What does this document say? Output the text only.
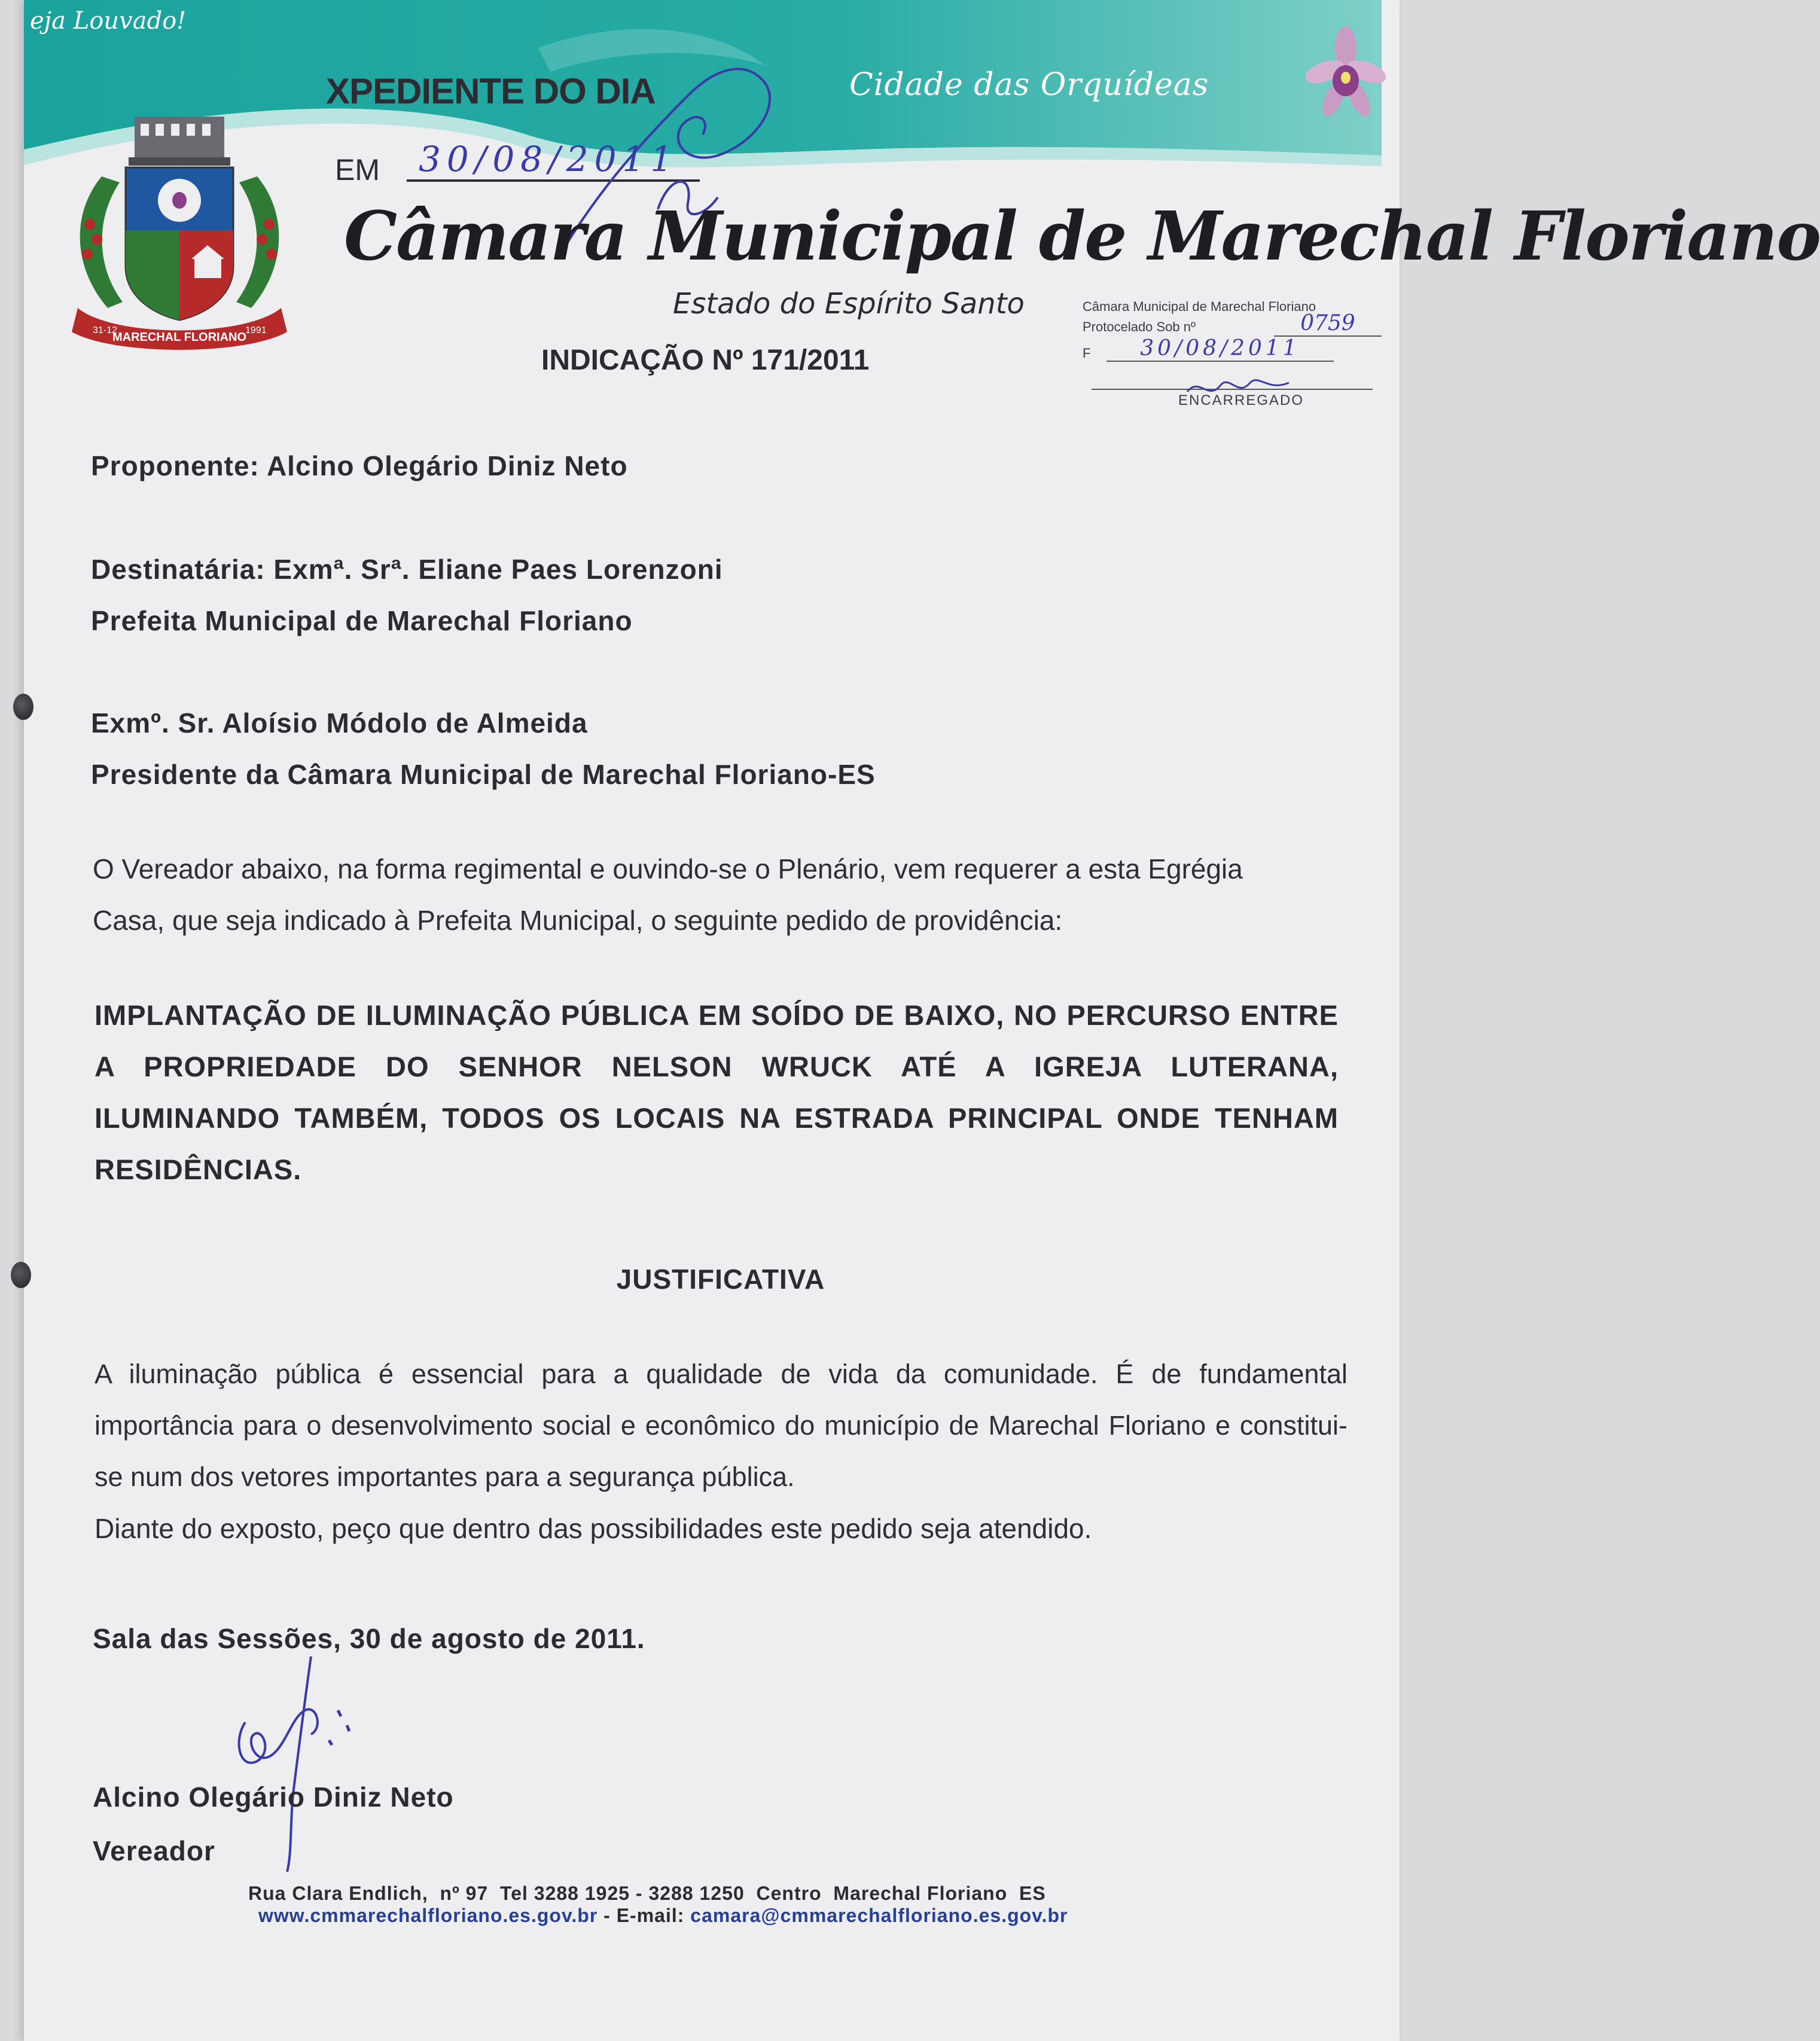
eja Louvado!
Cidade das Orquídeas
MARECHAL FLORIANO
31-12	1991
XPEDIENTE DO DIA
EM	30/08/2011
Câmara Municipal de Marechal Floriano
Estado do Espírito Santo	Câmara Municipal de Marechal Floriano
Protocelado Sob nº	0759
F	30/08/2011
ENCARREGADO
INDICAÇÃO Nº 171/2011
Proponente: Alcino Olegário Diniz Neto
Destinatária: Exmª. Srª. Eliane Paes Lorenzoni
Prefeita Municipal de Marechal Floriano
Exmº. Sr. Aloísio Módolo de Almeida
Presidente da Câmara Municipal de Marechal Floriano-ES
O Vereador abaixo, na forma regimental e ouvindo-se o Plenário, vem requerer a esta Egrégia
Casa, que seja indicado à Prefeita Municipal, o seguinte pedido de providência:
IMPLANTAÇÃO DE ILUMINAÇÃO PÚBLICA EM SOÍDO DE BAIXO, NO PERCURSO ENTRE A PROPRIEDADE DO SENHOR NELSON WRUCK ATÉ A IGREJA LUTERANA, ILUMINANDO TAMBÉM, TODOS OS LOCAIS NA ESTRADA PRINCIPAL ONDE TENHAM RESIDÊNCIAS.
JUSTIFICATIVA
A iluminação pública é essencial para a qualidade de vida da comunidade. É de fundamental importância para o desenvolvimento social e econômico do município de Marechal Floriano e constitui-se num dos vetores importantes para a segurança pública.
Diante do exposto, peço que dentro das possibilidades este pedido seja atendido.
Sala das Sessões, 30 de agosto de 2011.
Alcino Olegário Diniz Neto
Vereador
Rua Clara Endlich,  nº 97  Tel 3288 1925 - 3288 1250  Centro  Marechal Floriano  ES
www.cmmarechalfloriano.es.gov.br - E-mail: camara@cmmarechalfloriano.es.gov.br
